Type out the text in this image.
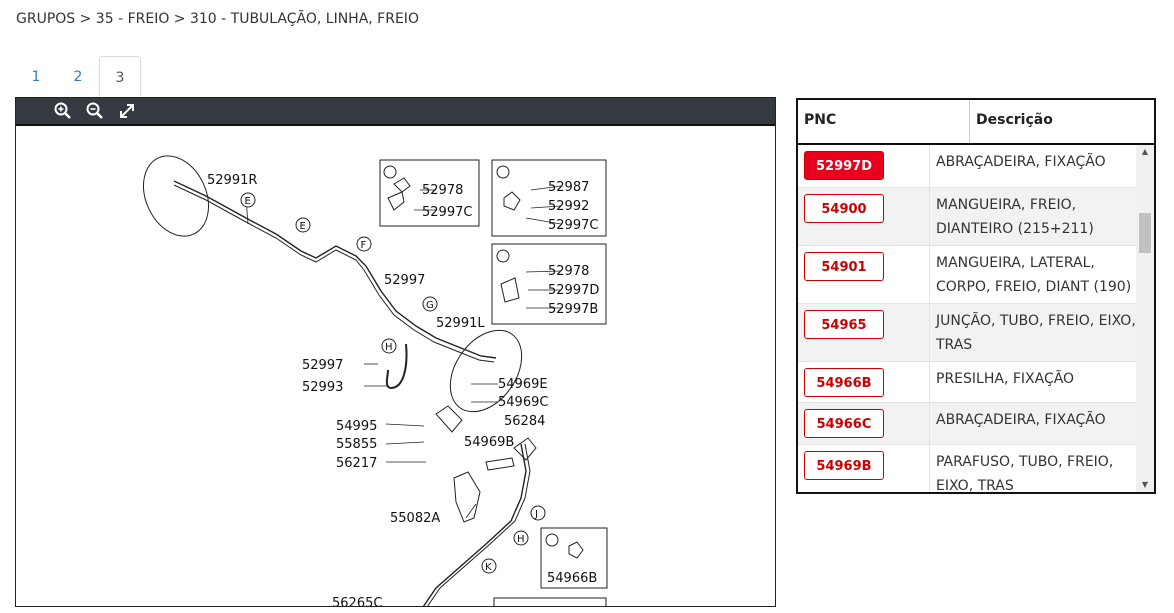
GRUPOS > 35 - FREIO > 310 - TUBULAÇÃO, LINHA, FREIO
1	2	3
52991R
52978
52997C
52987
52992
52997C
52997
52978
52997D
52997B
52991L
52997
52993	54969E
54969C
56284
54995
55855	54969B
56217
55082A
54966B
56265C
E
E
F
G
H
J
H
K
PNC	Descrição
52997D	ABRAÇADEIRA, FIXAÇÃO
54900	MANGUEIRA, FREIO, DIANTEIRO (215+211)
54901	MANGUEIRA, LATERAL, CORPO, FREIO, DIANT (190)
54965	JUNÇÃO, TUBO, FREIO, EIXO, TRAS
54966B	PRESILHA, FIXAÇÃO
54966C	ABRAÇADEIRA, FIXAÇÃO
54969B	PARAFUSO, TUBO, FREIO, EIXO, TRAS
▲
▼
